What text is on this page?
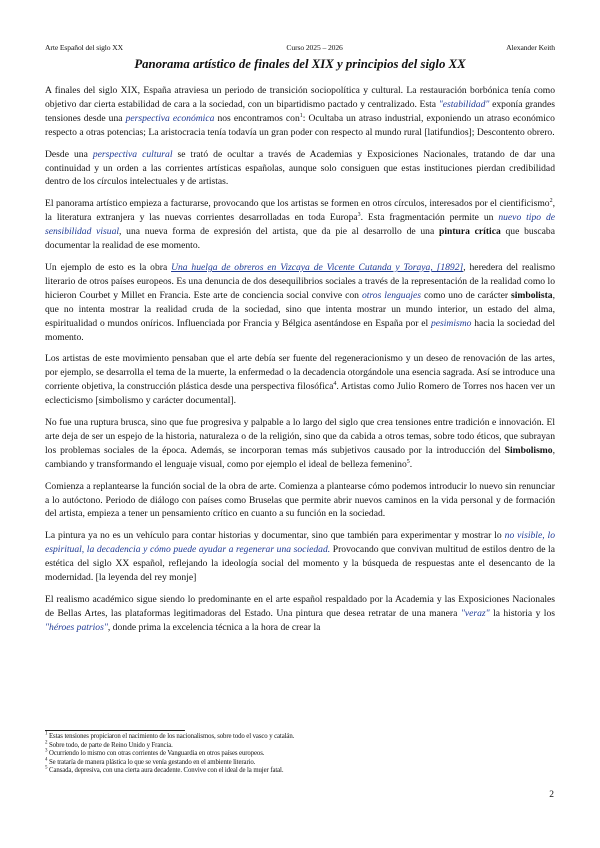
Arte Español del siglo XX	Curso 2025 – 2026	Alexander Keith
Panorama artístico de finales del XIX y principios del siglo XX

A finales del siglo XIX, España atraviesa un periodo de transición sociopolítica y cultural. La restauración borbónica tenía como objetivo dar cierta estabilidad de cara a la sociedad, con un bipartidismo pactado y centralizado. Esta "estabilidad" exponía grandes tensiones desde una perspectiva económica nos encontramos con$^1$: Ocultaba un atraso industrial, exponiendo un atraso económico respecto a otras potencias; La aristocracia tenía todavía un gran poder con respecto al mundo rural [latifundios]; Descontento obrero.

Desde una perspectiva cultural se trató de ocultar a través de Academias y Exposiciones Nacionales, tratando de dar una continuidad y un orden a las corrientes artísticas españolas, aunque solo consiguen que estas instituciones pierdan credibilidad dentro de los círculos intelectuales y de artistas.

El panorama artístico empieza a facturarse, provocando que los artistas se formen en otros círculos, interesados por el cientificismo$^2$, la literatura extranjera y las nuevas corrientes desarrolladas en toda Europa$^3$. Esta fragmentación permite un nuevo tipo de sensibilidad visual, una nueva forma de expresión del artista, que da pie al desarrollo de una pintura crítica que buscaba documentar la realidad de ese momento.

Un ejemplo de esto es la obra Una huelga de obreros en Vizcaya de Vicente Cutanda y Toraya, [1892], heredera del realismo literario de otros países europeos. Es una denuncia de dos desequilibrios sociales a través de la representación de la realidad como lo hicieron Courbet y Millet en Francia. Este arte de conciencia social convive con otros lenguajes como uno de carácter simbolista, que no intenta mostrar la realidad cruda de la sociedad, sino que intenta mostrar un mundo interior, un estado del alma, espiritualidad o mundos oníricos. Influenciada por Francia y Bélgica asentándose en España por el pesimismo hacia la sociedad del momento.

Los artistas de este movimiento pensaban que el arte debía ser fuente del regeneracionismo y un deseo de renovación de las artes, por ejemplo, se desarrolla el tema de la muerte, la enfermedad o la decadencia otorgándole una esencia sagrada. Así se introduce una corriente objetiva, la construcción plástica desde una perspectiva filosófica$^4$. Artistas como Julio Romero de Torres nos hacen ver un eclecticismo [simbolismo y carácter documental].

No fue una ruptura brusca, sino que fue progresiva y palpable a lo largo del siglo que crea tensiones entre tradición e innovación. El arte deja de ser un espejo de la historia, naturaleza o de la religión, sino que da cabida a otros temas, sobre todo éticos, que subrayan los problemas sociales de la época. Además, se incorporan temas más subjetivos causado por la introducción del Simbolismo, cambiando y transformando el lenguaje visual, como por ejemplo el ideal de belleza femenino$^5$.

Comienza a replantearse la función social de la obra de arte. Comienza a plantearse cómo podemos introducir lo nuevo sin renunciar a lo autóctono. Periodo de diálogo con países como Bruselas que permite abrir nuevos caminos en la vida personal y de formación del artista, empieza a tener un pensamiento crítico en cuanto a su función en la sociedad.

La pintura ya no es un vehículo para contar historias y documentar, sino que también para experimentar y mostrar lo no visible, lo espiritual, la decadencia y cómo puede ayudar a regenerar una sociedad. Provocando que convivan multitud de estilos dentro de la estética del siglo XX español, reflejando la ideología social del momento y la búsqueda de respuestas ante el desencanto de la modernidad. [la leyenda del rey monje]

El realismo académico sigue siendo lo predominante en el arte español respaldado por la Academia y las Exposiciones Nacionales de Bellas Artes, las plataformas legitimadoras del Estado. Una pintura que desea retratar de una manera "veraz" la historia y los "héroes patrios", donde prima la excelencia técnica a la hora de crear la

$^1$ Estas tensiones propiciaron el nacimiento de los nacionalismos, sobre todo el vasco y catalán.
$^2$ Sobre todo, de parte de Reino Unido y Francia.
$^3$ Ocurriendo lo mismo con otras corrientes de Vanguardia en otros países europeos.
$^4$ Se trataría de manera plástica lo que se venía gestando en el ambiente literario.
$^5$ Cansada, depresiva, con una cierta aura decadente. Convive con el ideal de la mujer fatal.
2
